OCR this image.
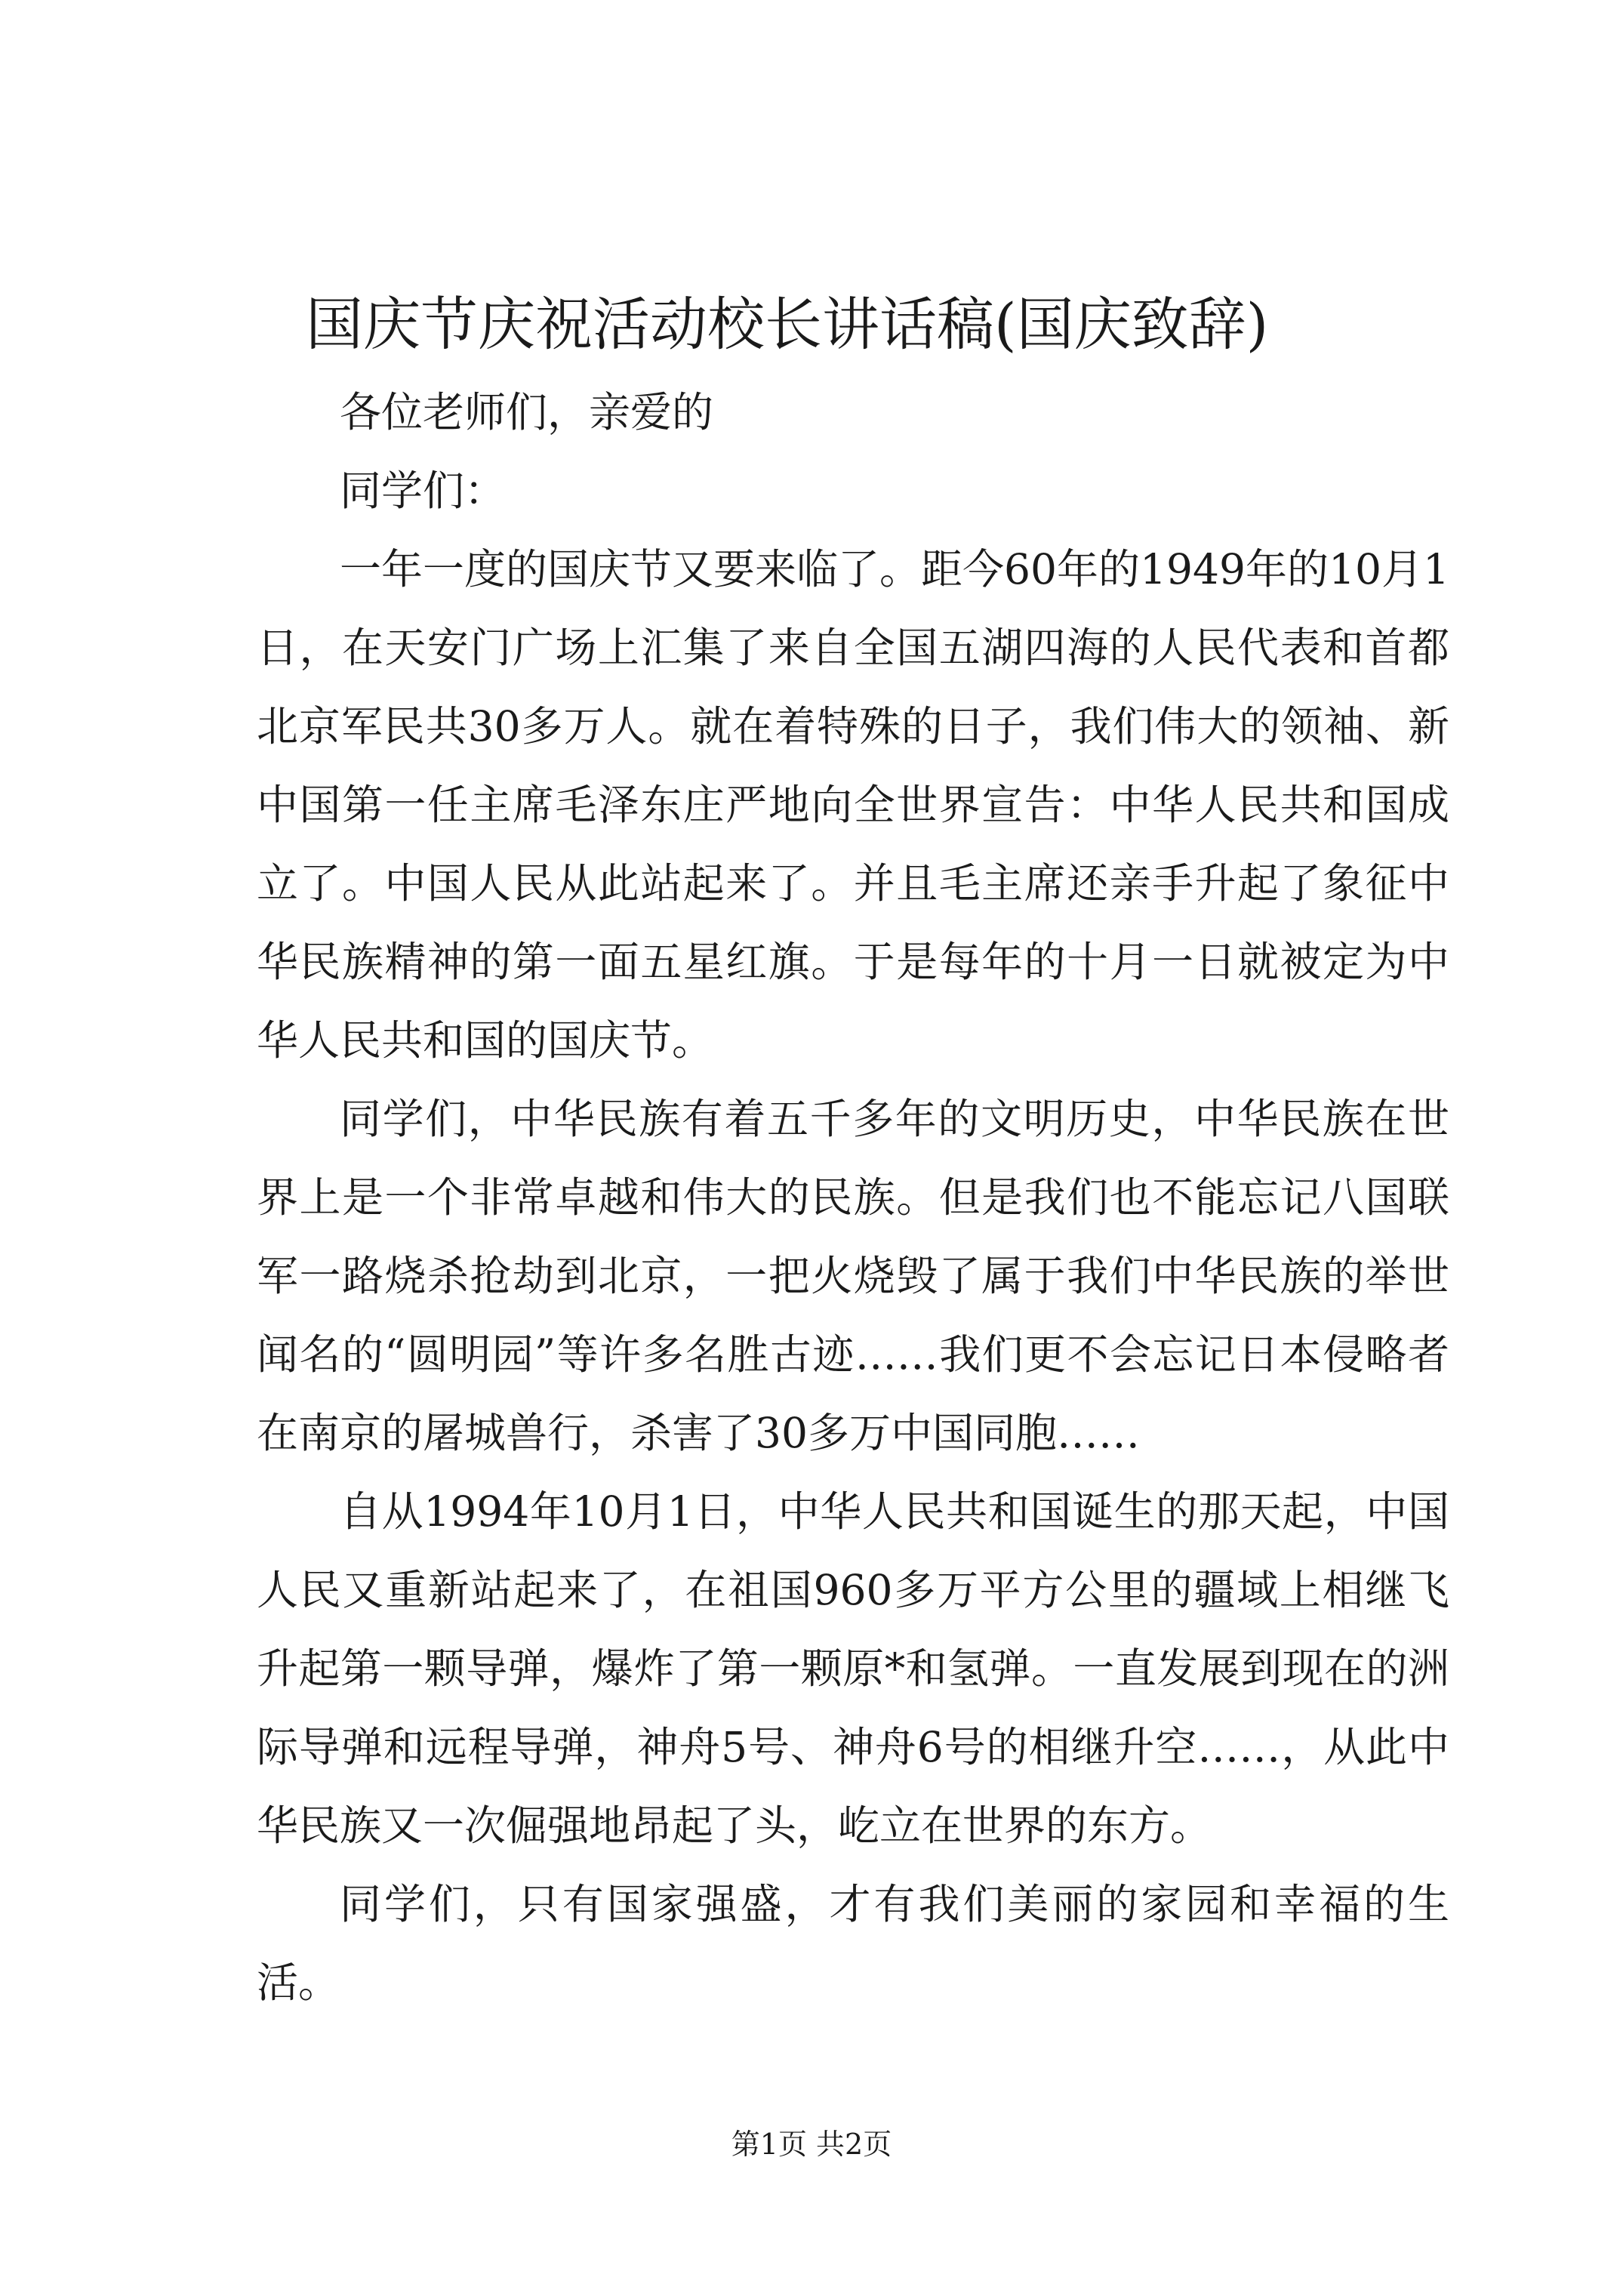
国庆节庆祝活动校长讲话稿(国庆致辞)

各位老师们，亲爱的

同学们：

一年一度的国庆节又要来临了。距今60年的1949年的10月1日，在天安门广场上汇集了来自全国五湖四海的人民代表和首都北京军民共30多万人。就在着特殊的日子，我们伟大的领袖、新中国第一任主席毛泽东庄严地向全世界宣告：中华人民共和国成立了。中国人民从此站起来了。并且毛主席还亲手升起了象征中华民族精神的第一面五星红旗。于是每年的十月一日就被定为中华人民共和国的国庆节。

同学们，中华民族有着五千多年的文明历史，中华民族在世界上是一个非常卓越和伟大的民族。但是我们也不能忘记八国联军一路烧杀抢劫到北京，一把火烧毁了属于我们中华民族的举世闻名的“圆明园”等许多名胜古迹……我们更不会忘记日本侵略者在南京的屠城兽行，杀害了30多万中国同胞……

自从1994年10月1日，中华人民共和国诞生的那天起，中国人民又重新站起来了，在祖国960多万平方公里的疆域上相继飞升起第一颗导弹，爆炸了第一颗原*和氢弹。一直发展到现在的洲际导弹和远程导弹，神舟5号、神舟6号的相继升空……，从此中华民族又一次倔强地昂起了头，屹立在世界的东方。

同学们，只有国家强盛，才有我们美丽的家园和幸福的生活。

第1页 共2页
